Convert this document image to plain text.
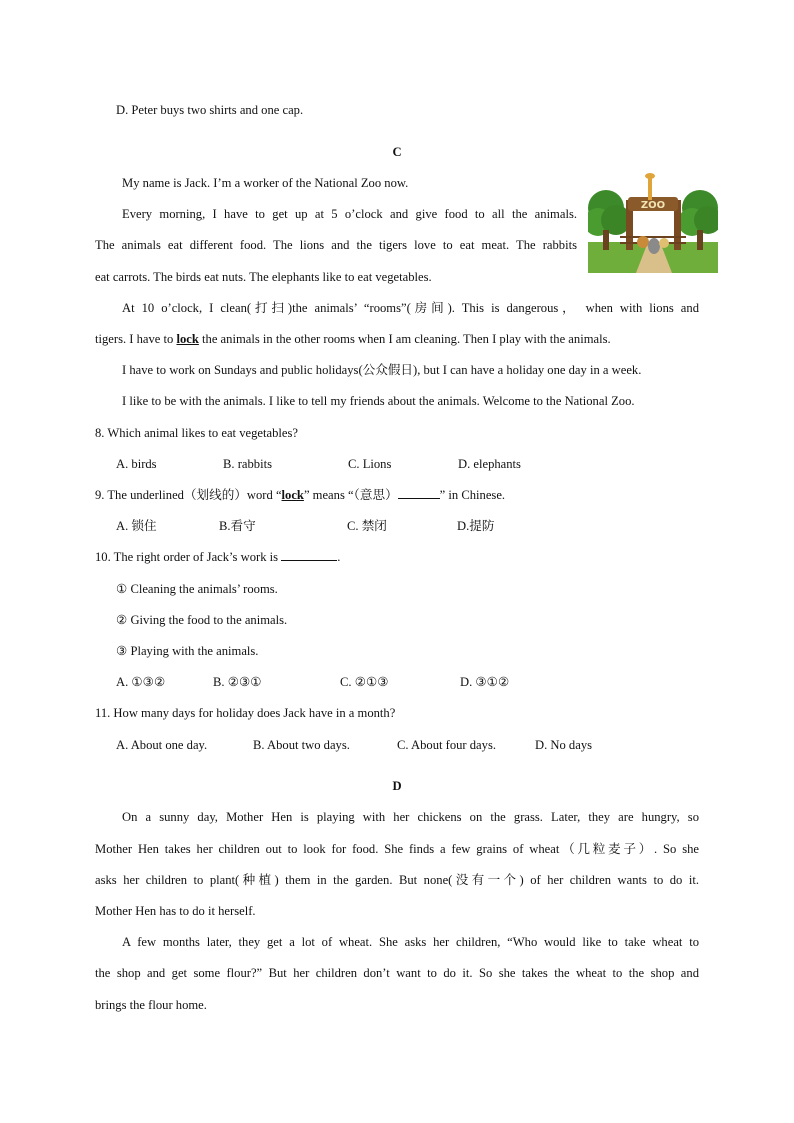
D. Peter buys two shirts and one cap.
C
My name is Jack. I’m a worker of the National Zoo now.
Every morning, I have to get up at 5 o’clock and give food to all the animals.
The animals eat different food. The lions and the tigers love to eat meat. The rabbits
eat carrots. The birds eat nuts. The elephants like to eat vegetables.
ZOO
At 10 o’clock, I clean(打扫)the animals’ “rooms”(房间). This is dangerous， when with lions and
tigers. I have to lock the animals in the other rooms when I am cleaning. Then I play with the animals.
I have to work on Sundays and public holidays(公众假日), but I can have a holiday one day in a week.
I like to be with the animals. I like to tell my friends about the animals. Welcome to the National Zoo.
8. Which animal likes to eat vegetables?
A. birds	B. rabbits	C. Lions	D. elephants
9. The underlined（划线的）word “lock” means “（意思）	” in Chinese.
A. 锁住	B.看守	C. 禁闭	D.提防
10. The right order of Jack’s work is	.
① Cleaning the animals’ rooms.
② Giving the food to the animals.
③ Playing with the animals.
A. ①③②	B. ②③①	C. ②①③	D. ③①②
11. How many days for holiday does Jack have in a month?
A. About one day.	B. About two days.	C. About four days.	D. No days
D
On a sunny day, Mother Hen is playing with her chickens on the grass. Later, they are hungry, so
Mother Hen takes her children out to look for food. She finds a few grains of wheat（几粒麦子）. So she
asks her children to plant(种植) them in the garden. But none(没有一个) of her children wants to do it.
Mother Hen has to do it herself.
A few months later, they get a lot of wheat. She asks her children, “Who would like to take wheat to
the shop and get some flour?” But her children don’t want to do it. So she takes the wheat to the shop and
brings the flour home.
